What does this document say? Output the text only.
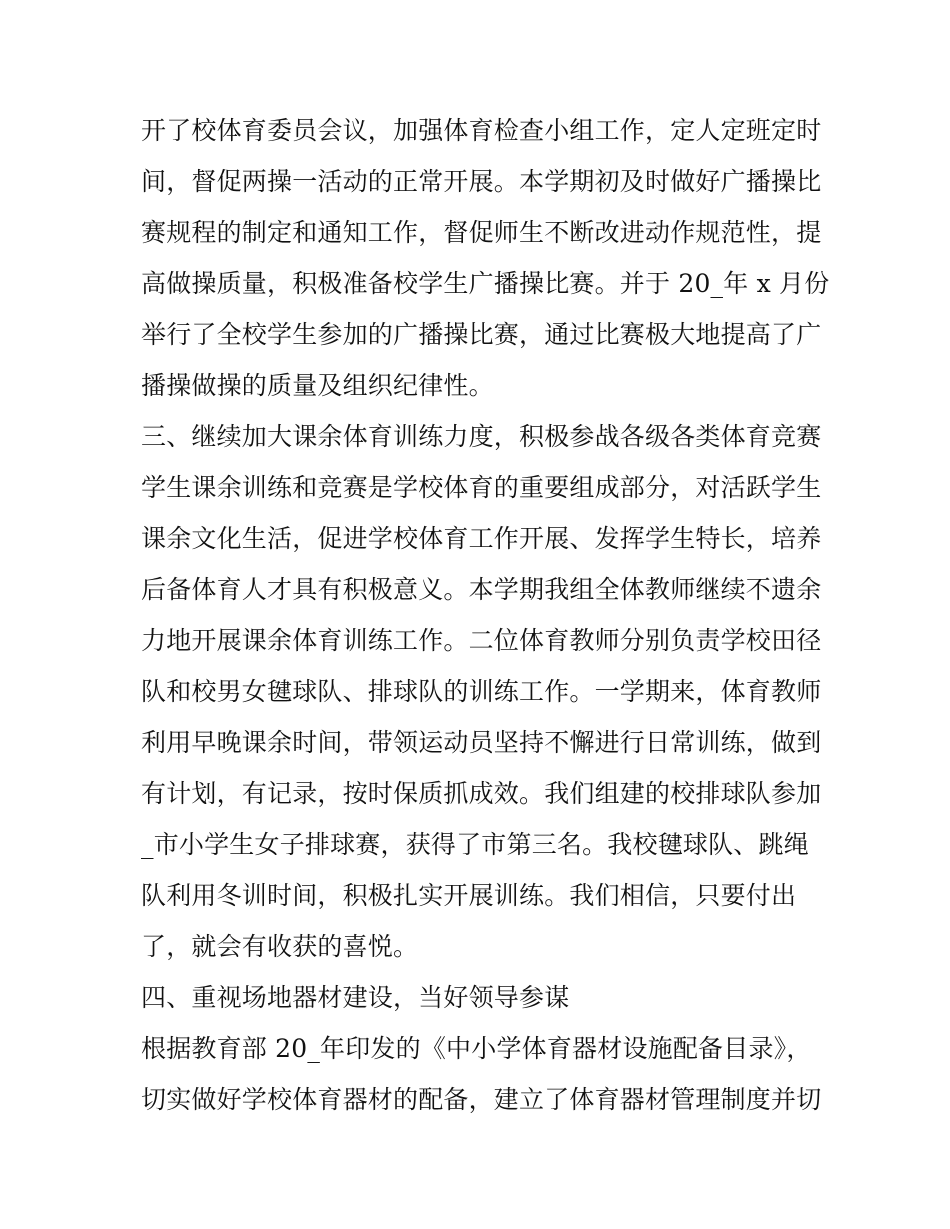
开了校体育委员会议，加强体育检查小组工作，定人定班定时
间，督促两操一活动的正常开展。本学期初及时做好广播操比
赛规程的制定和通知工作，督促师生不断改进动作规范性，提
高做操质量，积极准备校学生广播操比赛。并于 20_年 x 月份
举行了全校学生参加的广播操比赛，通过比赛极大地提高了广
播操做操的质量及组织纪律性。
三、继续加大课余体育训练力度，积极参战各级各类体育竞赛
学生课余训练和竞赛是学校体育的重要组成部分，对活跃学生
课余文化生活，促进学校体育工作开展、发挥学生特长，培养
后备体育人才具有积极意义。本学期我组全体教师继续不遗余
力地开展课余体育训练工作。二位体育教师分别负责学校田径
队和校男女毽球队、排球队的训练工作。一学期来，体育教师
利用早晚课余时间，带领运动员坚持不懈进行日常训练，做到
有计划，有记录，按时保质抓成效。我们组建的校排球队参加
_市小学生女子排球赛，获得了市第三名。我校毽球队、跳绳
队利用冬训时间，积极扎实开展训练。我们相信，只要付出
了，就会有收获的喜悦。
四、重视场地器材建设，当好领导参谋
根据教育部 20_年印发的《中小学体育器材设施配备目录》，
切实做好学校体育器材的配备，建立了体育器材管理制度并切
